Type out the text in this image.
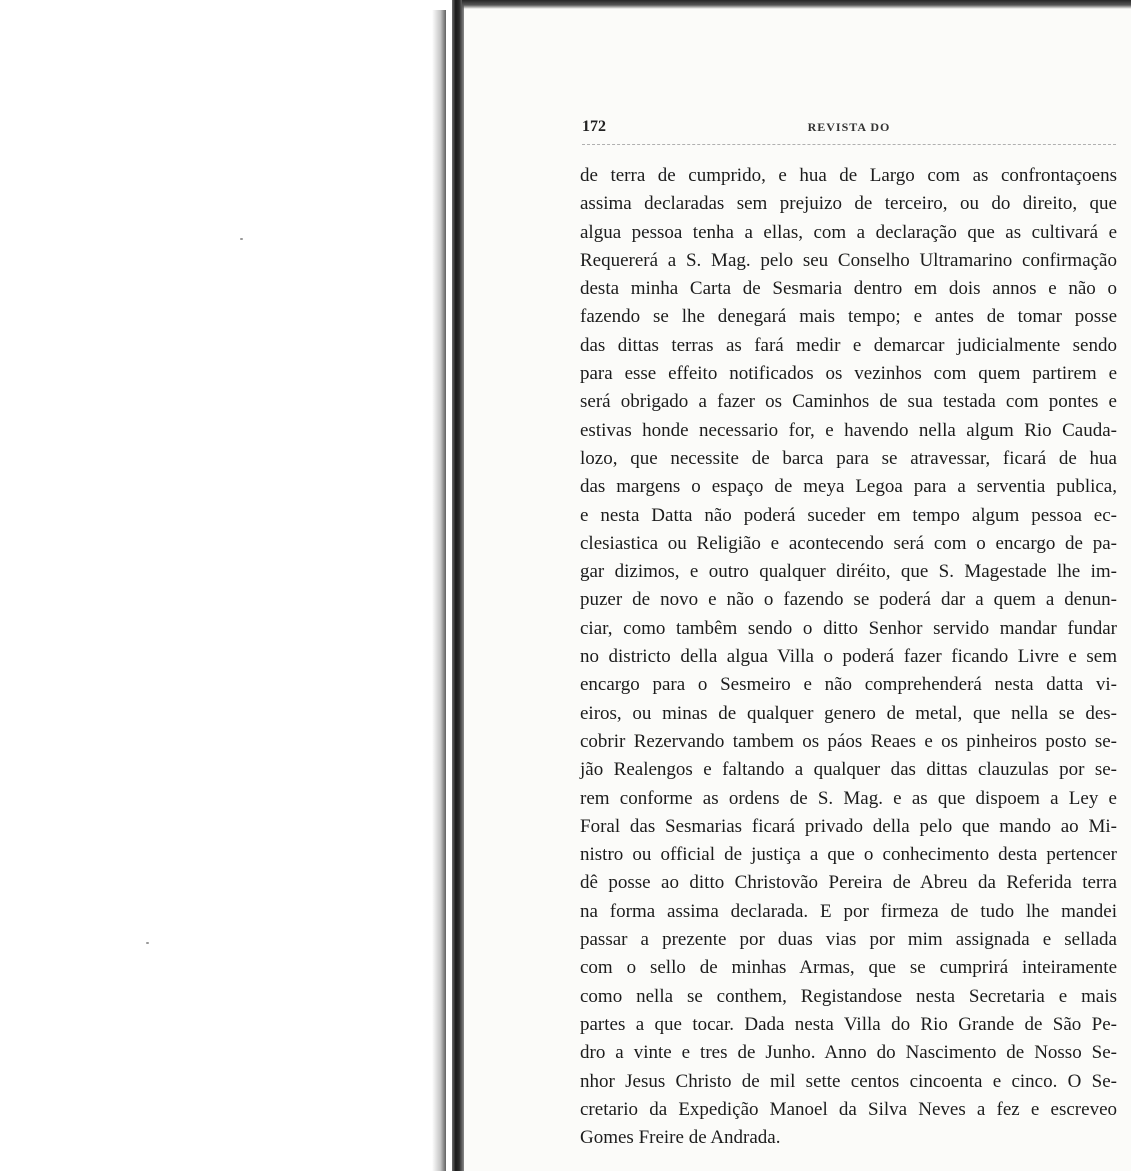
172	REVISTA DO
de terra de cumprido, e hua de Largo com as confrontaçoens
assima declaradas sem prejuizo de terceiro, ou do direito, que
algua pessoa tenha a ellas, com a declaração que as cultivará e
Requererá a S. Mag. pelo seu Conselho Ultramarino confirmação
desta minha Carta de Sesmaria dentro em dois annos e não o
fazendo se lhe denegará mais tempo; e antes de tomar posse
das dittas terras as fará medir e demarcar judicialmente sendo
para esse effeito notificados os vezinhos com quem partirem e
será obrigado a fazer os Caminhos de sua testada com pontes e
estivas honde necessario for, e havendo nella algum Rio Cauda-
lozo, que necessite de barca para se atravessar, ficará de hua
das margens o espaço de meya Legoa para a serventia publica,
e nesta Datta não poderá suceder em tempo algum pessoa ec-
clesiastica ou Religião e acontecendo será com o encargo de pa-
gar dizimos, e outro qualquer diréito, que S. Magestade lhe im-
puzer de novo e não o fazendo se poderá dar a quem a denun-
ciar, como tambêm sendo o ditto Senhor servido mandar fundar
no districto della algua Villa o poderá fazer ficando Livre e sem
encargo para o Sesmeiro e não comprehenderá nesta datta vi-
eiros, ou minas de qualquer genero de metal, que nella se des-
cobrir Rezervando tambem os páos Reaes e os pinheiros posto se-
jão Realengos e faltando a qualquer das dittas clauzulas por se-
rem conforme as ordens de S. Mag. e as que dispoem a Ley e
Foral das Sesmarias ficará privado della pelo que mando ao Mi-
nistro ou official de justiça a que o conhecimento desta pertencer
dê posse ao ditto Christovão Pereira de Abreu da Referida terra
na forma assima declarada. E por firmeza de tudo lhe mandei
passar a prezente por duas vias por mim assignada e sellada
com o sello de minhas Armas, que se cumprirá inteiramente
como nella se conthem, Registandose nesta Secretaria e mais
partes a que tocar. Dada nesta Villa do Rio Grande de São Pe-
dro a vinte e tres de Junho. Anno do Nascimento de Nosso Se-
nhor Jesus Christo de mil sette centos cincoenta e cinco. O Se-
cretario da Expedição Manoel da Silva Neves a fez e escreveo
Gomes Freire de Andrada.
